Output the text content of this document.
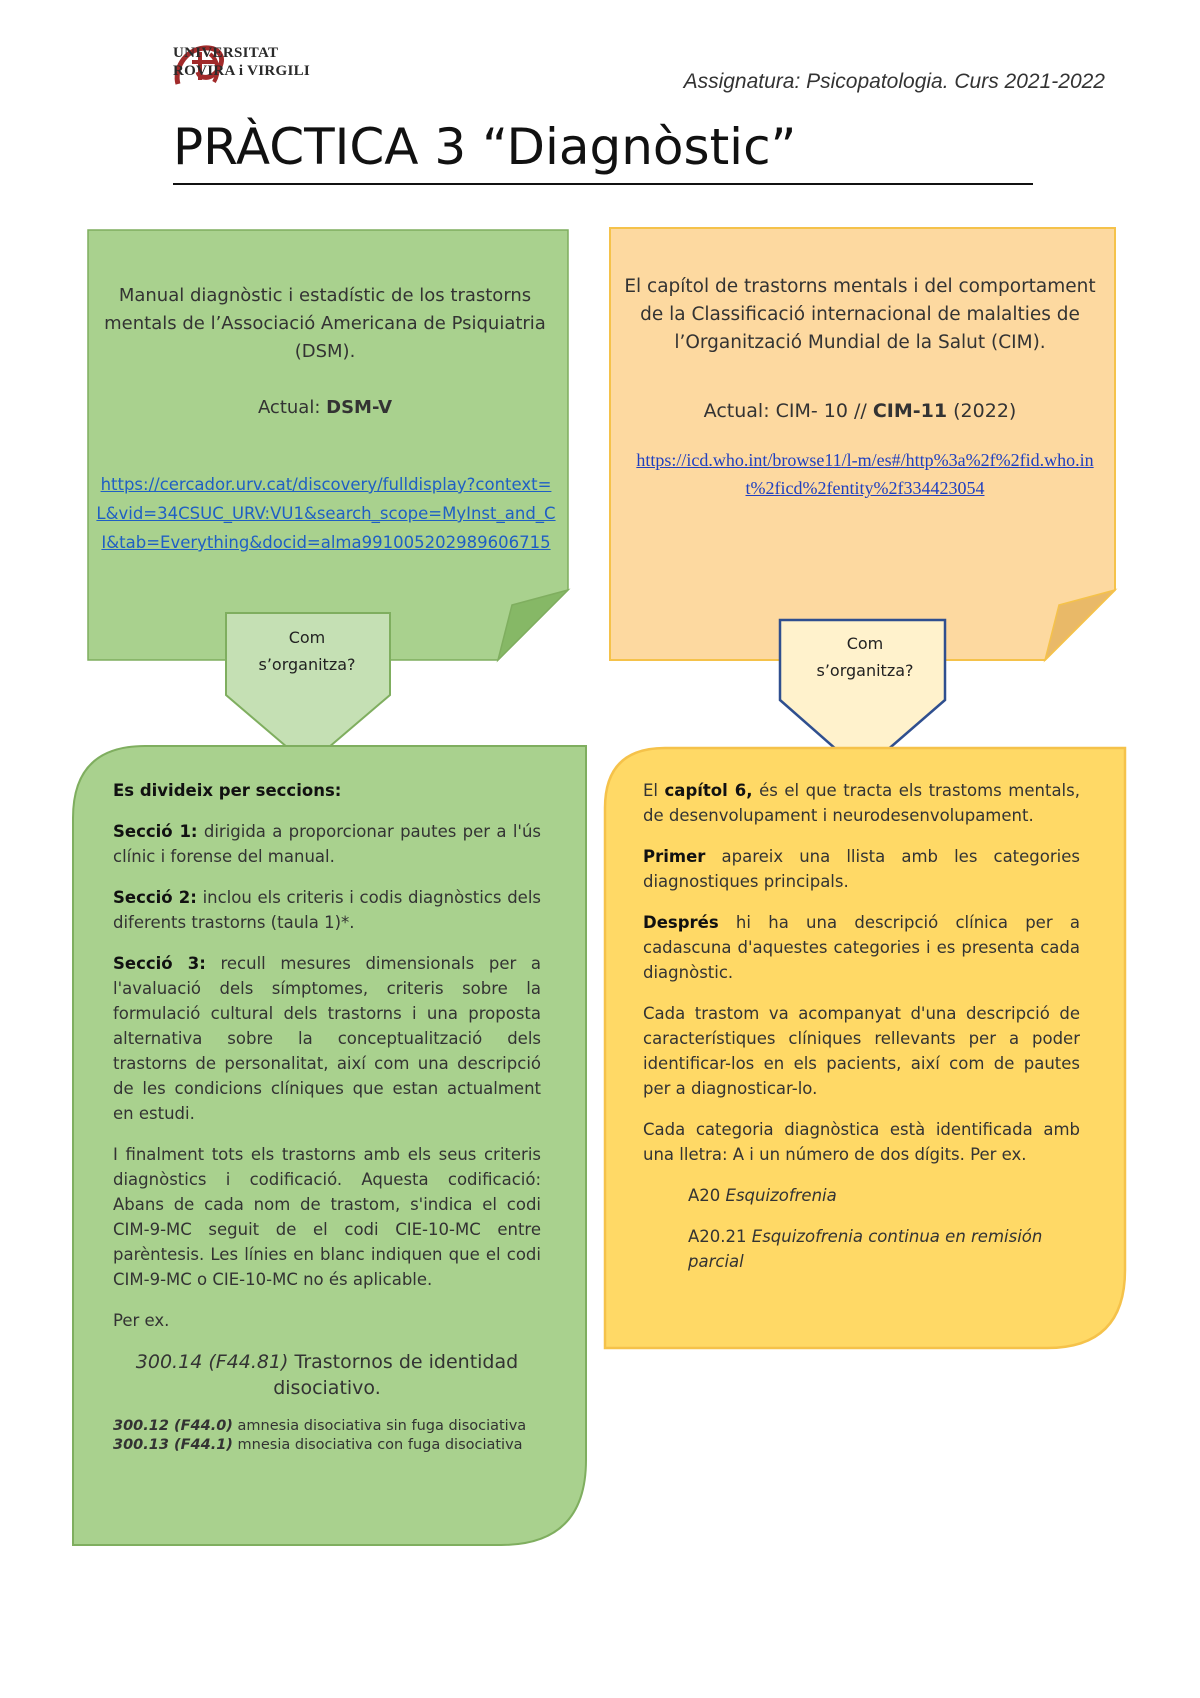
UNIVERSITAT
ROVIRA i VIRGILI	Assignatura: Psicopatologia. Curs 2021-2022
PRÀCTICA 3 “Diagnòstic”

Manual diagnòstic i estadístic de los trastorns mentals de l’Associació Americana de Psiquiatria (DSM).

Actual: DSM-V

https://cercador.urv.cat/discovery/fulldisplay?context=L&vid=34CSUC_URV:VU1&search_scope=MyInst_and_CI&tab=Everything&docid=alma991005202989606715
Com
s’organitza?
El capítol de trastorns mentals i del comportament de la Classificació internacional de malalties de l’Organització Mundial de la Salut (CIM).
Actual: CIM- 10 // CIM-11 (2022)
https://icd.who.int/browse11/l-m/es#/http%3a%2f%2fid.who.int%2ficd%2fentity%2f334423054
Com
s’organitza?

Es divideix per seccions:

Secció 1: dirigida a proporcionar pautes per a l'ús clínic i forense del manual.

Secció 2: inclou els criteris i codis diagnòstics dels diferents trastorns (taula 1)*.

Secció 3: recull mesures dimensionals per a l'avaluació dels símptomes, criteris sobre la formulació cultural dels trastorns i una proposta alternativa sobre la conceptualització dels trastorns de personalitat, així com una descripció de les condicions clíniques que estan actualment en estudi.

I finalment tots els trastorns amb els seus criteris diagnòstics i codificació. Aquesta codificació: Abans de cada nom de trastom, s'indica el codi CIM-9-MC seguit de el codi CIE-10-MC entre parèntesis. Les línies en blanc indiquen que el codi CIM-9-MC o CIE-10-MC no és aplicable.

Per ex.

300.14 (F44.81) Trastornos de identidad disociativo.

300.12 (F44.0) amnesia disociativa sin fuga disociativa

300.13 (F44.1) mnesia disociativa con fuga disociativa

El capítol 6, és el que tracta els trastoms mentals, de desenvolupament i neurodesenvolupament.

Primer apareix una llista amb les categories diagnostiques principals.

Després hi ha una descripció clínica per a cadascuna d'aquestes categories i es presenta cada diagnòstic.

Cada trastom va acompanyat d'una descripció de característiques clíniques rellevants per a poder identificar-los en els pacients, així com de pautes per a diagnosticar-lo.

Cada categoria diagnòstica està identificada amb una lletra: A i un número de dos dígits. Per ex.

A20 Esquizofrenia

A20.21 Esquizofrenia continua en remisión parcial
